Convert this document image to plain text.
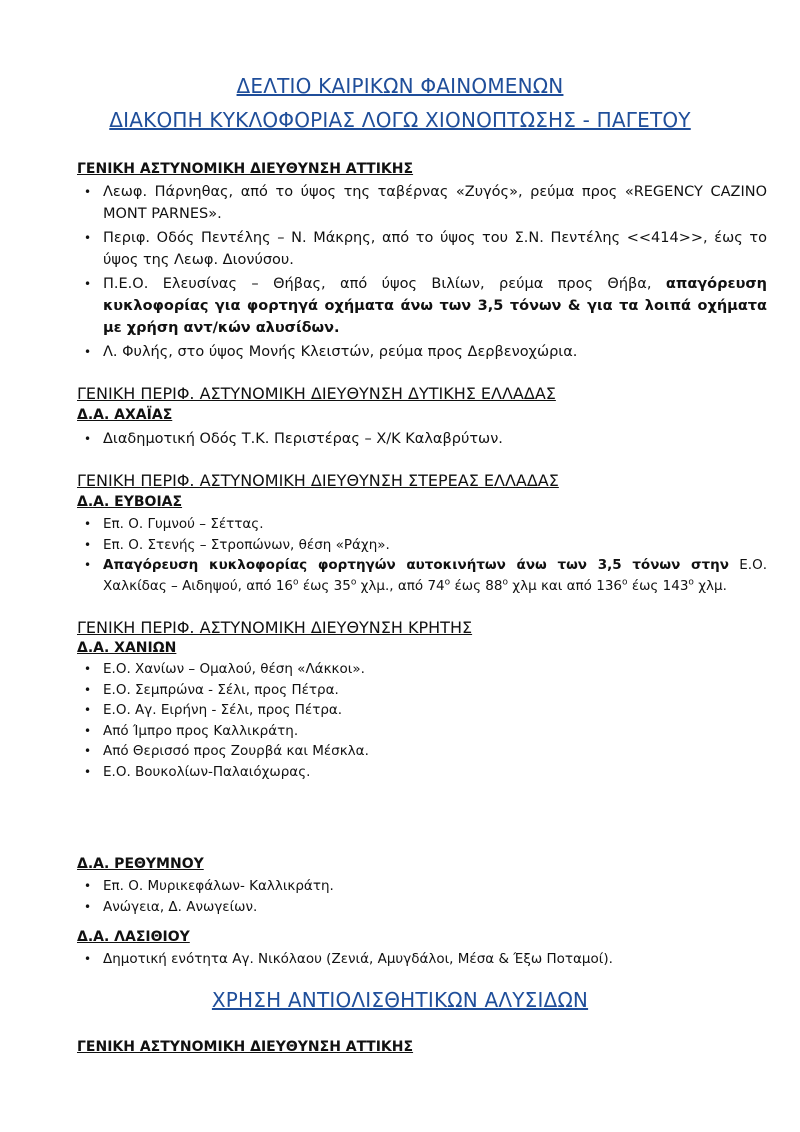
ΔΕΛΤΙΟ ΚΑΙΡΙΚΩΝ ΦΑΙΝΟΜΕΝΩΝ
ΔΙΑΚΟΠΗ ΚΥΚΛΟΦΟΡΙΑΣ ΛΟΓΩ ΧΙΟΝΟΠΤΩΣΗΣ - ΠΑΓΕΤΟΥ

ΓΕΝΙΚΗ ΑΣΤΥΝΟΜΙΚΗ ΔΙΕΥΘΥΝΣΗ ΑΤΤΙΚΗΣ

• Λεωφ. Πάρνηθας, από το ύψος της ταβέρνας «Ζυγός», ρεύμα προς «REGENCY CAZINO MONT PARNES».
• Περιφ. Οδός Πεντέλης – Ν. Μάκρης, από το ύψος του Σ.Ν. Πεντέλης <<414>>, έως το ύψος της Λεωφ. Διονύσου.
• Π.Ε.Ο. Ελευσίνας – Θήβας, από ύψος Βιλίων, ρεύμα προς Θήβα, απαγόρευση κυκλοφορίας για φορτηγά οχήματα άνω των 3,5 τόνων & για τα λοιπά οχήματα με χρήση αντ/κών αλυσίδων.
• Λ. Φυλής, στο ύψος Μονής Κλειστών, ρεύμα προς Δερβενοχώρια.

ΓΕΝΙΚΗ ΠΕΡΙΦ. ΑΣΤΥΝΟΜΙΚΗ ΔΙΕΥΘΥΝΣΗ ΔΥΤΙΚΗΣ ΕΛΛΑΔΑΣ

Δ.Α. ΑΧΑΪΑΣ

• Διαδημοτική Οδός Τ.Κ. Περιστέρας – Χ/Κ Καλαβρύτων.

ΓΕΝΙΚΗ ΠΕΡΙΦ. ΑΣΤΥΝΟΜΙΚΗ ΔΙΕΥΘΥΝΣΗ ΣΤΕΡΕΑΣ ΕΛΛΑΔΑΣ

Δ.Α. ΕΥΒΟΙΑΣ

• Επ. Ο. Γυμνού – Σέττας.
• Επ. Ο. Στενής – Στροπώνων, θέση «Ράχη».
• Απαγόρευση κυκλοφορίας φορτηγών αυτοκινήτων άνω των 3,5 τόνων στην Ε.Ο. Χαλκίδας – Αιδηψού, από $16^o$ έως $35^o$ χλμ., από $74^o$ έως $88^o$ χλμ και από $136^o$ έως $143^o$ χλμ.

ΓΕΝΙΚΗ ΠΕΡΙΦ. ΑΣΤΥΝΟΜΙΚΗ ΔΙΕΥΘΥΝΣΗ ΚΡΗΤΗΣ

Δ.Α. ΧΑΝΙΩΝ

• Ε.Ο. Χανίων – Ομαλού, θέση «Λάκκοι».
• Ε.Ο. Σεμπρώνα - Σέλι, προς Πέτρα.
• Ε.Ο. Αγ. Ειρήνη - Σέλι, προς Πέτρα.
• Από Ίμπρο προς Καλλικράτη.
• Από Θερισσό προς Ζουρβά και Μέσκλα.
• Ε.Ο. Βουκολίων-Παλαιόχωρας.

Δ.Α. ΡΕΘΥΜΝΟΥ

• Επ. Ο. Μυρικεφάλων- Καλλικράτη.
• Ανώγεια, Δ. Ανωγείων.

Δ.Α. ΛΑΣΙΘΙΟΥ

• Δημοτική ενότητα Αγ. Νικόλαου (Ζενιά, Αμυγδάλοι, Μέσα & Έξω Ποταμοί).
ΧΡΗΣΗ ΑΝΤΙΟΛΙΣΘΗΤΙΚΩΝ ΑΛΥΣΙΔΩΝ

ΓΕΝΙΚΗ ΑΣΤΥΝΟΜΙΚΗ ΔΙΕΥΘΥΝΣΗ ΑΤΤΙΚΗΣ
